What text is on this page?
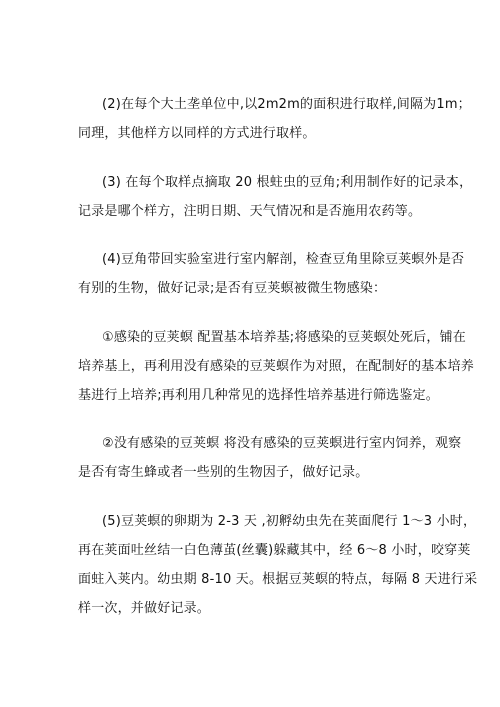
(2)在每个大土垄单位中,以2m2m的面积进行取样,间隔为1m；
同理，其他样方以同样的方式进行取样。

(3) 在每个取样点摘取 20 根蛀虫的豆角;利用制作好的记录本，
记录是哪个样方，注明日期、天气情况和是否施用农药等。

(4)豆角带回实验室进行室内解剖，检查豆角里除豆荚螟外是否
有别的生物，做好记录;是否有豆荚螟被微生物感染：

①感染的豆荚螟 配置基本培养基;将感染的豆荚螟处死后，铺在
培养基上，再利用没有感染的豆荚螟作为对照，在配制好的基本培养
基进行上培养;再利用几种常见的选择性培养基进行筛选鉴定。

②没有感染的豆荚螟 将没有感染的豆荚螟进行室内饲养，观察
是否有寄生蜂或者一些别的生物因子，做好记录。

(5)豆荚螟的卵期为 2-3 天 ,初孵幼虫先在荚面爬行 1～3 小时，
再在荚面吐丝结一白色薄茧(丝囊)躲藏其中，经 6～8 小时，咬穿荚
面蛀入荚内。幼虫期 8-10 天。根据豆荚螟的特点，每隔 8 天进行采
样一次，并做好记录。
